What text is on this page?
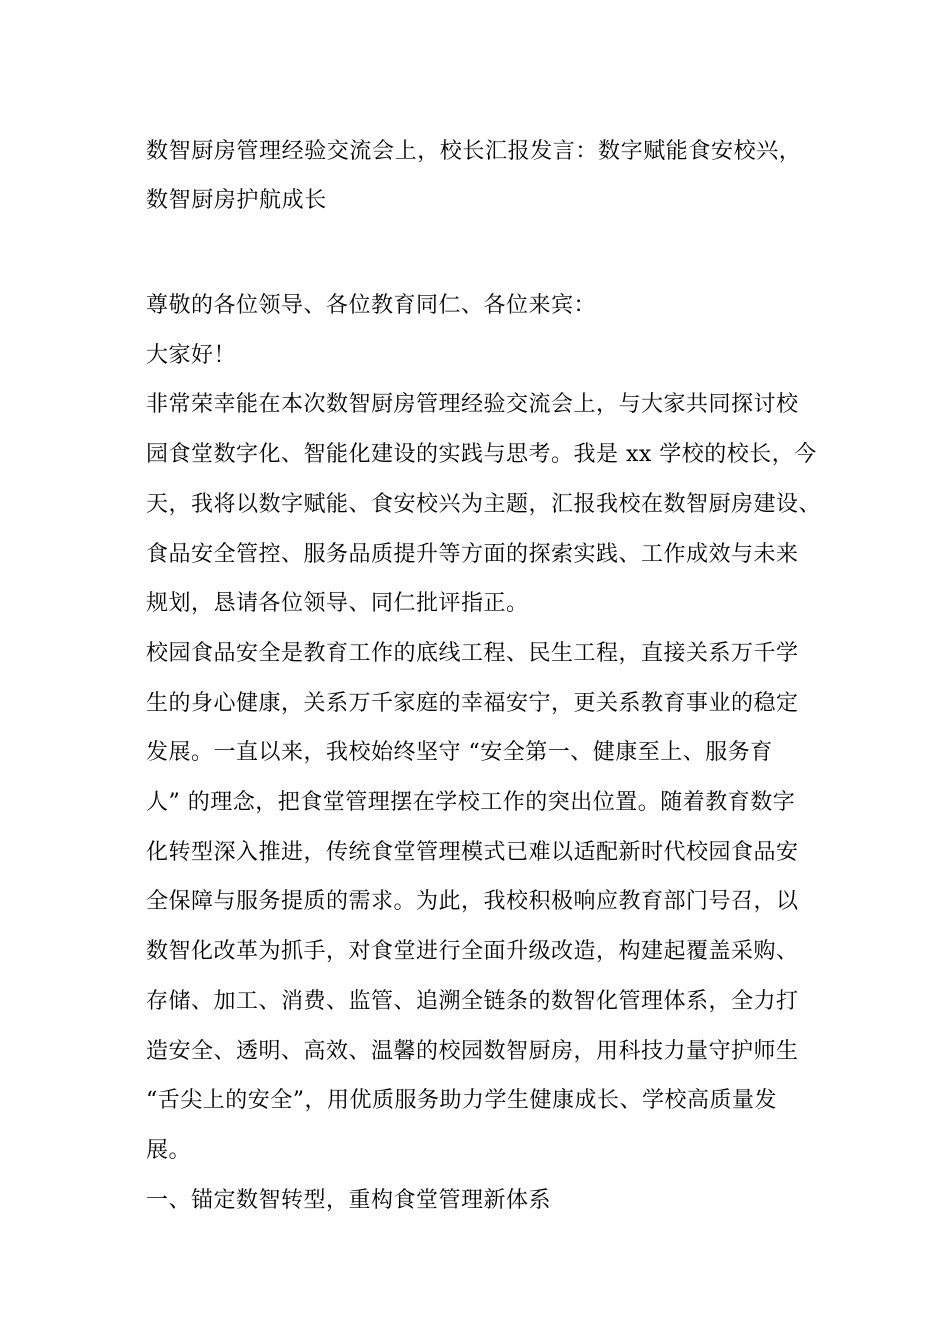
数智厨房管理经验交流会上，校长汇报发言：数字赋能食安校兴，
数智厨房护航成长

尊敬的各位领导、各位教育同仁、各位来宾：

大家好！

非常荣幸能在本次数智厨房管理经验交流会上，与大家共同探讨校
园食堂数字化、智能化建设的实践与思考。我是 xx 学校的校长，今
天，我将以数字赋能、食安校兴为主题，汇报我校在数智厨房建设、
食品安全管控、服务品质提升等方面的探索实践、工作成效与未来
规划，恳请各位领导、同仁批评指正。

校园食品安全是教育工作的底线工程、民生工程，直接关系万千学
生的身心健康，关系万千家庭的幸福安宁，更关系教育事业的稳定
发展。一直以来，我校始终坚守 “安全第一、健康至上、服务育
人” 的理念，把食堂管理摆在学校工作的突出位置。随着教育数字
化转型深入推进，传统食堂管理模式已难以适配新时代校园食品安
全保障与服务提质的需求。为此，我校积极响应教育部门号召，以
数智化改革为抓手，对食堂进行全面升级改造，构建起覆盖采购、
存储、加工、消费、监管、追溯全链条的数智化管理体系，全力打
造安全、透明、高效、温馨的校园数智厨房，用科技力量守护师生
“舌尖上的安全”，用优质服务助力学生健康成长、学校高质量发
展。

一、锚定数智转型，重构食堂管理新体系
